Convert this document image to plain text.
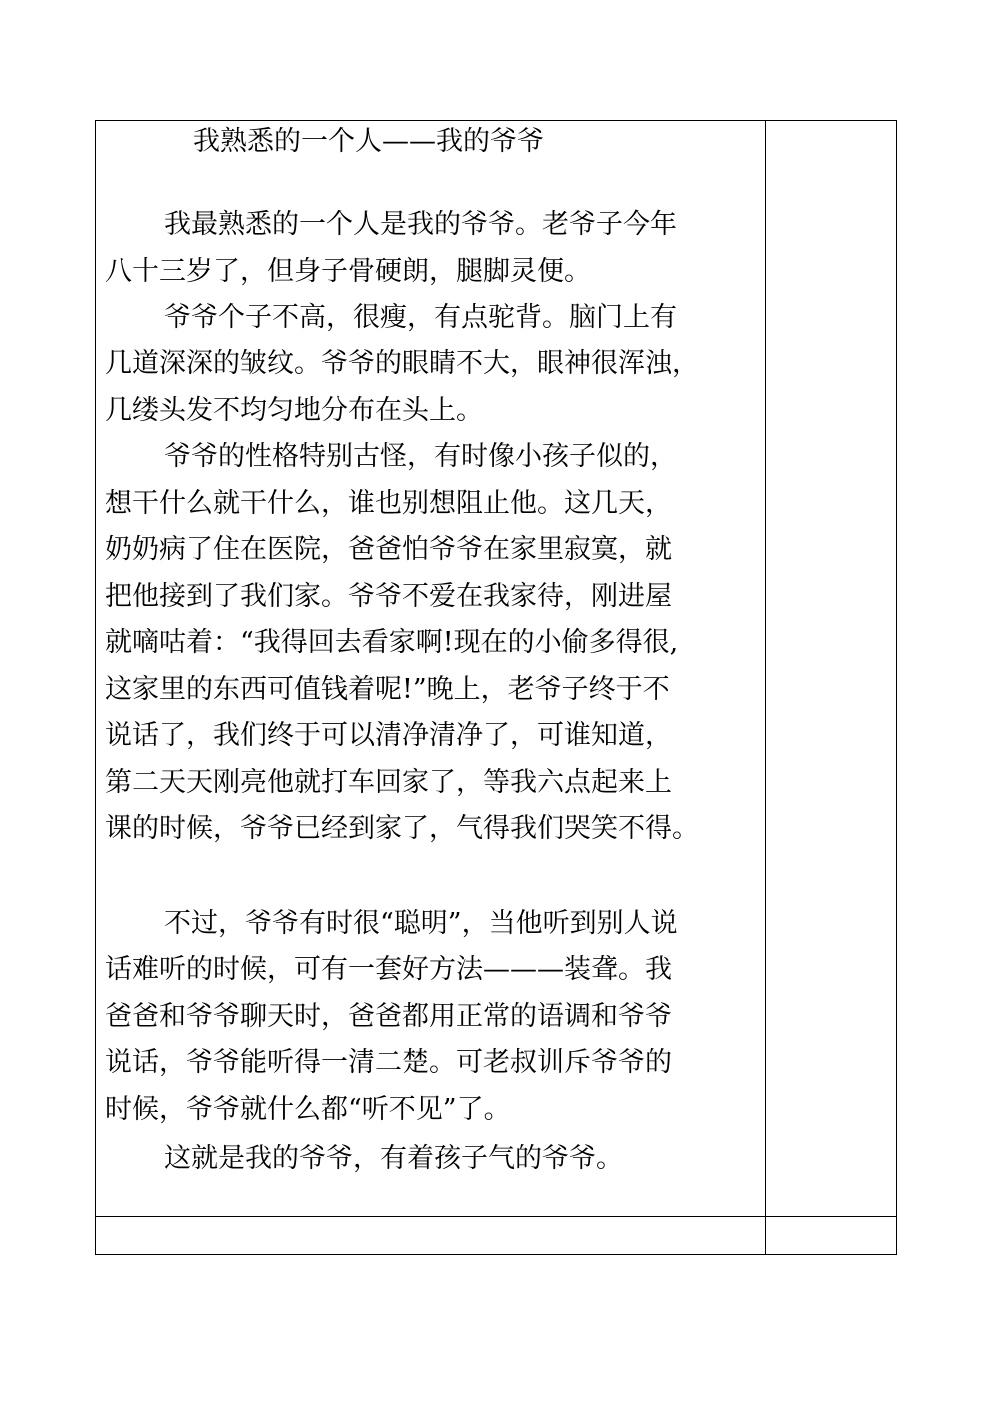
我熟悉的一个人——我的爷爷
我最熟悉的一个人是我的爷爷。老爷子今年
八十三岁了，但身子骨硬朗，腿脚灵便。
爷爷个子不高，很瘦，有点驼背。脑门上有
几道深深的皱纹。爷爷的眼睛不大，眼神很浑浊，
几缕头发不均匀地分布在头上。
爷爷的性格特别古怪，有时像小孩子似的，
想干什么就干什么，谁也别想阻止他。这几天，
奶奶病了住在医院，爸爸怕爷爷在家里寂寞，就
把他接到了我们家。爷爷不爱在我家待，刚进屋
就嘀咕着：“我得回去看家啊!现在的小偷多得很,
这家里的东西可值钱着呢!”晚上，老爷子终于不
说话了，我们终于可以清净清净了，可谁知道，
第二天天刚亮他就打车回家了，等我六点起来上
课的时候，爷爷已经到家了，气得我们哭笑不得。
不过，爷爷有时很“聪明”，当他听到别人说
话难听的时候，可有一套好方法———装聋。我
爸爸和爷爷聊天时，爸爸都用正常的语调和爷爷
说话，爷爷能听得一清二楚。可老叔训斥爷爷的
时候，爷爷就什么都“听不见”了。
这就是我的爷爷，有着孩子气的爷爷。
